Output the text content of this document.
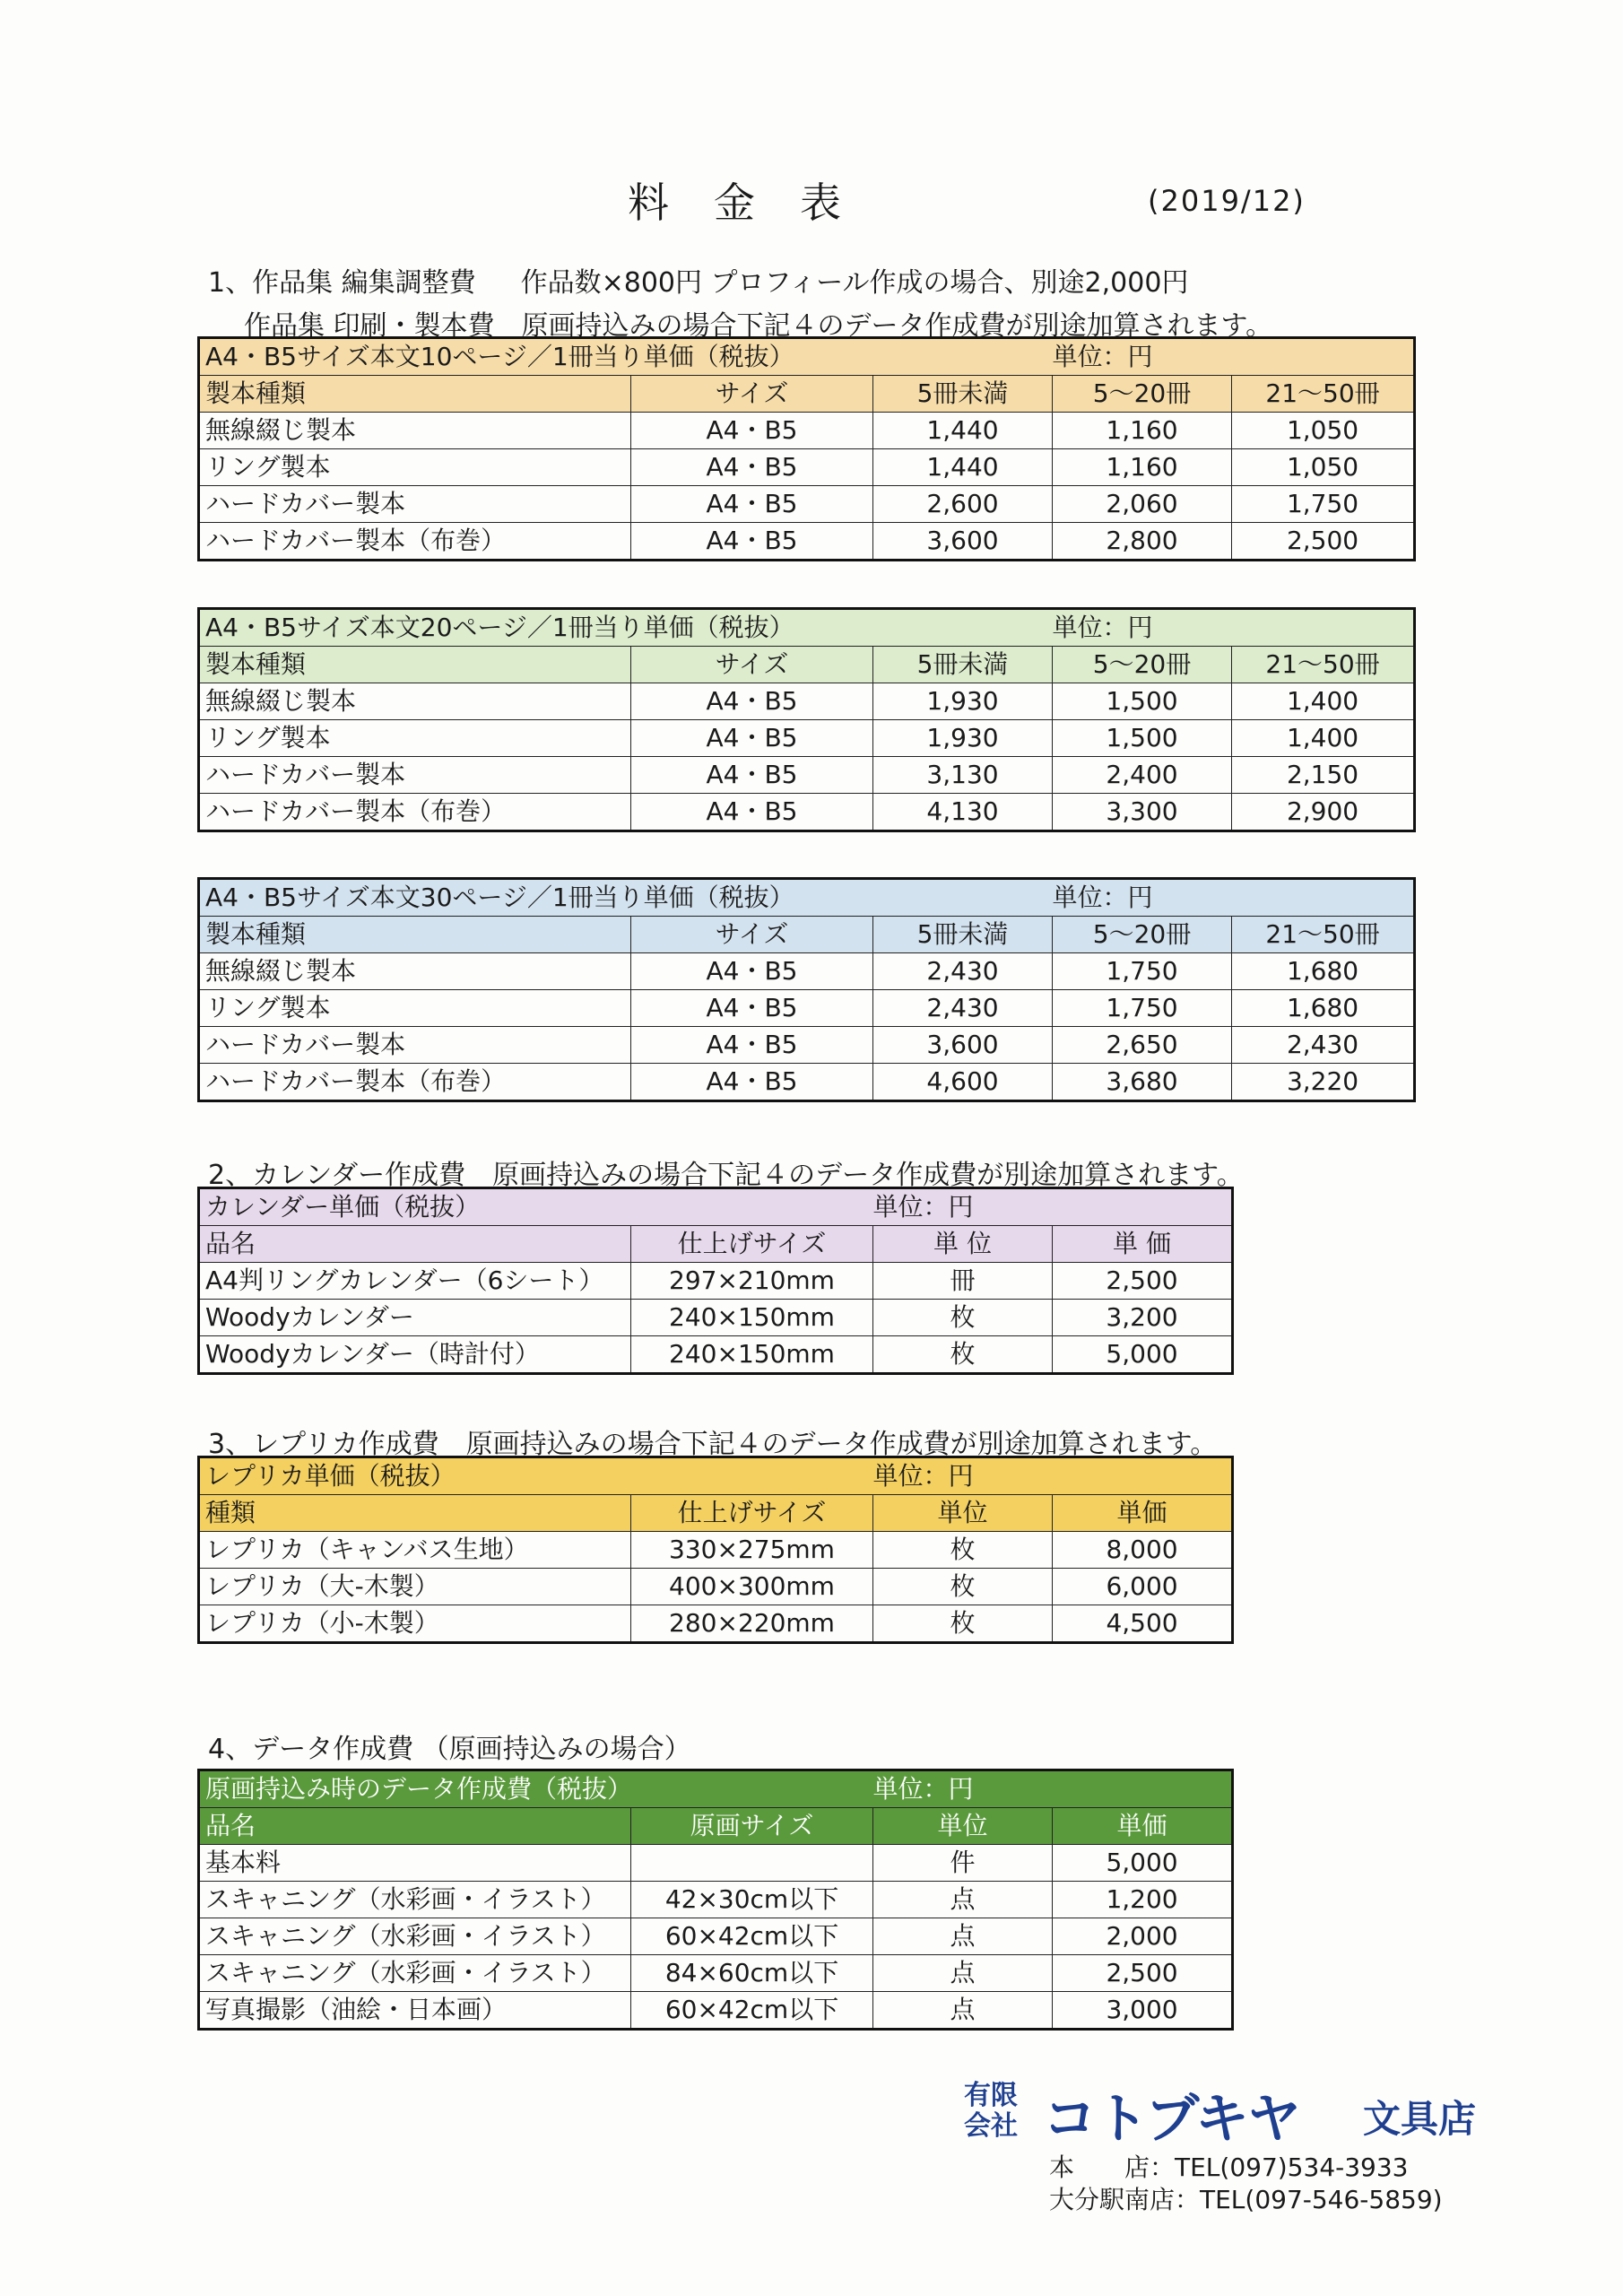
料金表	(2019/12)
1、作品集 編集調整費 作品数×800円 プロフィール作成の場合、別途2,000円
作品集 印刷・製本費 原画持込みの場合下記４のデータ作成費が別途加算されます。
A4・B5サイズ本文10ページ／1冊当り単価（税抜）			単位：円	
製本種類	サイズ	5冊未満	5～20冊	21～50冊
無線綴じ製本	A4・B5	1,440	1,160	1,050
リング製本	A4・B5	1,440	1,160	1,050
ハードカバー製本	A4・B5	2,600	2,060	1,750
ハードカバー製本（布巻）	A4・B5	3,600	2,800	2,500
A4・B5サイズ本文20ページ／1冊当り単価（税抜）			単位：円	
製本種類	サイズ	5冊未満	5～20冊	21～50冊
無線綴じ製本	A4・B5	1,930	1,500	1,400
リング製本	A4・B5	1,930	1,500	1,400
ハードカバー製本	A4・B5	3,130	2,400	2,150
ハードカバー製本（布巻）	A4・B5	4,130	3,300	2,900
A4・B5サイズ本文30ページ／1冊当り単価（税抜）			単位：円	
製本種類	サイズ	5冊未満	5～20冊	21～50冊
無線綴じ製本	A4・B5	2,430	1,750	1,680
リング製本	A4・B5	2,430	1,750	1,680
ハードカバー製本	A4・B5	3,600	2,650	2,430
ハードカバー製本（布巻）	A4・B5	4,600	3,680	3,220
2、カレンダー作成費 原画持込みの場合下記４のデータ作成費が別途加算されます。
カレンダー単価（税抜）		単位：円	
品名	仕上げサイズ	単 位	単 価
A4判リングカレンダー（6シート）	297×210mm	冊	2,500
Woodyカレンダー	240×150mm	枚	3,200
Woodyカレンダー（時計付）	240×150mm	枚	5,000
3、レプリカ作成費 原画持込みの場合下記４のデータ作成費が別途加算されます。
レプリカ単価（税抜）		単位：円	
種類	仕上げサイズ	単位	単価
レプリカ（キャンバス生地）	330×275mm	枚	8,000
レプリカ（大-木製）	400×300mm	枚	6,000
レプリカ（小-木製）	280×220mm	枚	4,500
4、データ作成費 （原画持込みの場合）
原画持込み時のデータ作成費（税抜）		単位：円	
品名	原画サイズ	単位	単価
基本料		件	5,000
スキャニング（水彩画・イラスト）	42×30cm以下	点	1,200
スキャニング（水彩画・イラスト）	60×42cm以下	点	2,000
スキャニング（水彩画・イラスト）	84×60cm以下	点	2,500
写真撮影（油絵・日本画）	60×42cm以下	点	3,000
有限会社 コトブキヤ 文具店
本　　店：TEL(097)534-3933
大分駅南店：TEL(097-546-5859)
